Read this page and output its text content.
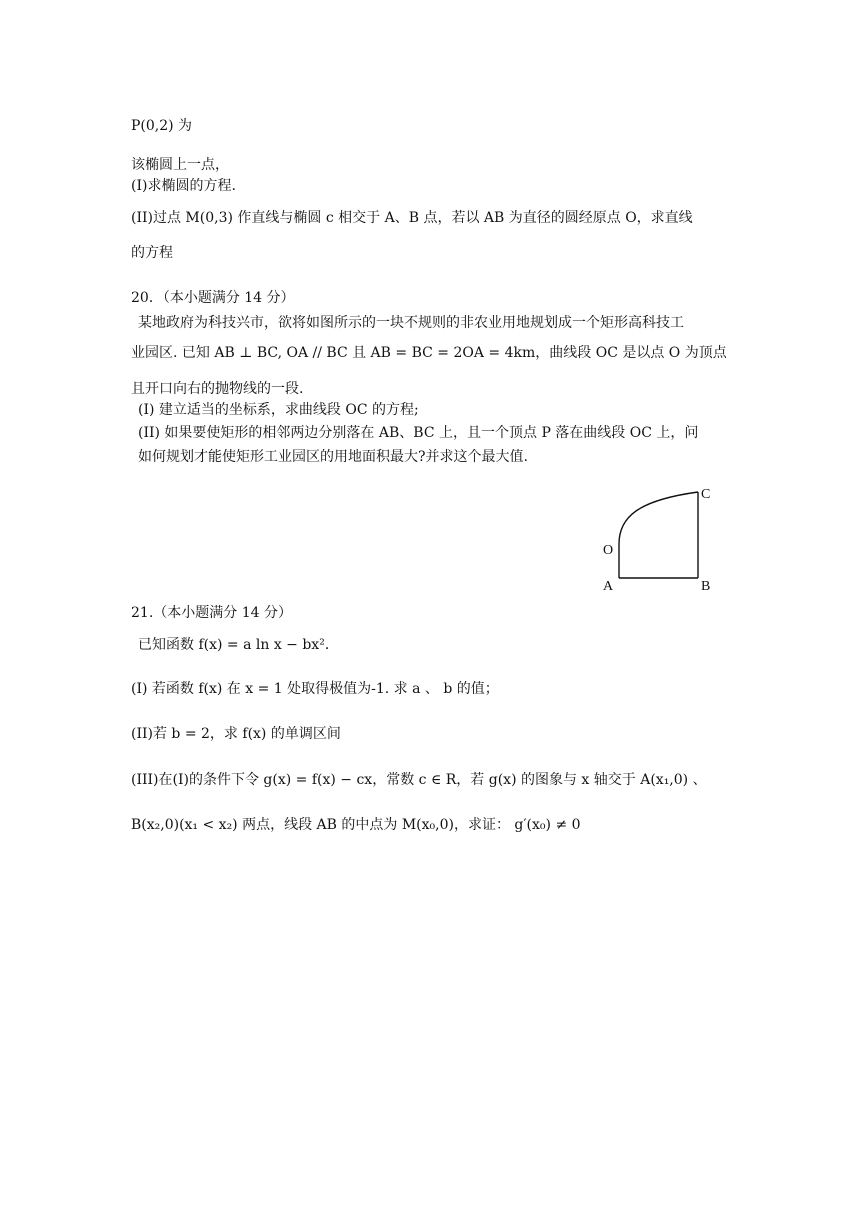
P(0,2) 为
该椭圆上一点，
(I)求椭圆的方程.
(II)过点 M(0,3) 作直线与椭圆 c 相交于 A、B 点，若以 AB 为直径的圆经原点 O，求直线
的方程
20．（本小题满分 14 分）
某地政府为科技兴市，欲将如图所示的一块不规则的非农业用地规划成一个矩形高科技工
业园区. 已知 AB ⊥ BC, OA // BC 且 AB = BC = 2OA = 4km，曲线段 OC 是以点 O 为顶点
且开口向右的抛物线的一段.
(I) 建立适当的坐标系，求曲线段 OC 的方程;
(II) 如果要使矩形的相邻两边分别落在 AB、BC 上，且一个顶点 P 落在曲线段 OC 上，问
如何规划才能使矩形工业园区的用地面积最大?并求这个最大值.
C
O
A	B
21.（本小题满分 14 分）
已知函数 f(x) = a ln x − bx²．
(I) 若函数 f(x) 在 x = 1 处取得极值为-1. 求 a 、 b 的值；
(II)若 b = 2，求 f(x) 的单调区间
(III)在(I)的条件下令 g(x) = f(x) − cx，常数 c ∈ R，若 g(x) 的图象与 x 轴交于 A(x₁,0) 、
B(x₂,0)(x₁ < x₂) 两点，线段 AB 的中点为 M(x₀,0)，求证： g′(x₀) ≠ 0
